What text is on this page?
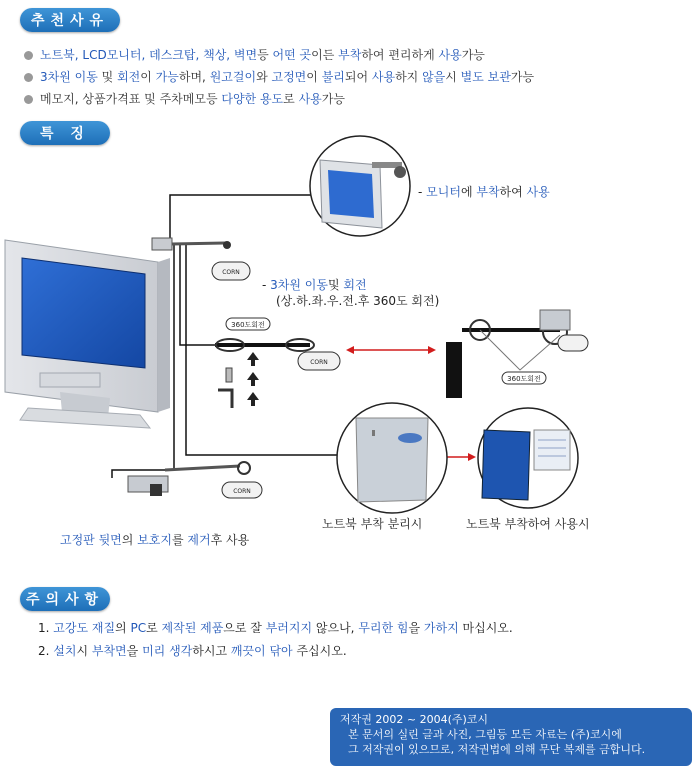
추천사유
특 징
주의사항
노트북, LCD모니터, 데스크탑, 책상, 벽면등 어떤 곳이든 부착하여 편리하게 사용가능
3차원 이동 및 회전이 가능하며, 원고걸이와 고정면이 불리되어 사용하지 않을시 별도 보관가능
메모지, 상품가격표 및 주차메모등 다양한 용도로 사용가능
CORN
360도회전
CORN
360도회전
CORN
- 모니터에 부착하여 사용
- 3차원 이동및 회전
(상.하.좌.우.전.후 360도 회전)
노트북 부착 분리시	노트북 부착하여 사용시
고정판 뒷면의 보호지를 제거후 사용
1. 고강도 재질의 PC로 제작된 제품으로 잘 부러지지 않으나, 무리한 힘을 가하지 마십시오.
2. 설치시 부착면을 미리 생각하시고 깨끗이 닦아 주십시오.
저작권 2002 ~ 2004(주)코시
본 문서의 실린 글과 사진, 그림등 모든 자료는 (주)코시에
그 저작권이 있으므로, 저작권법에 의해 무단 복제를 금합니다.
